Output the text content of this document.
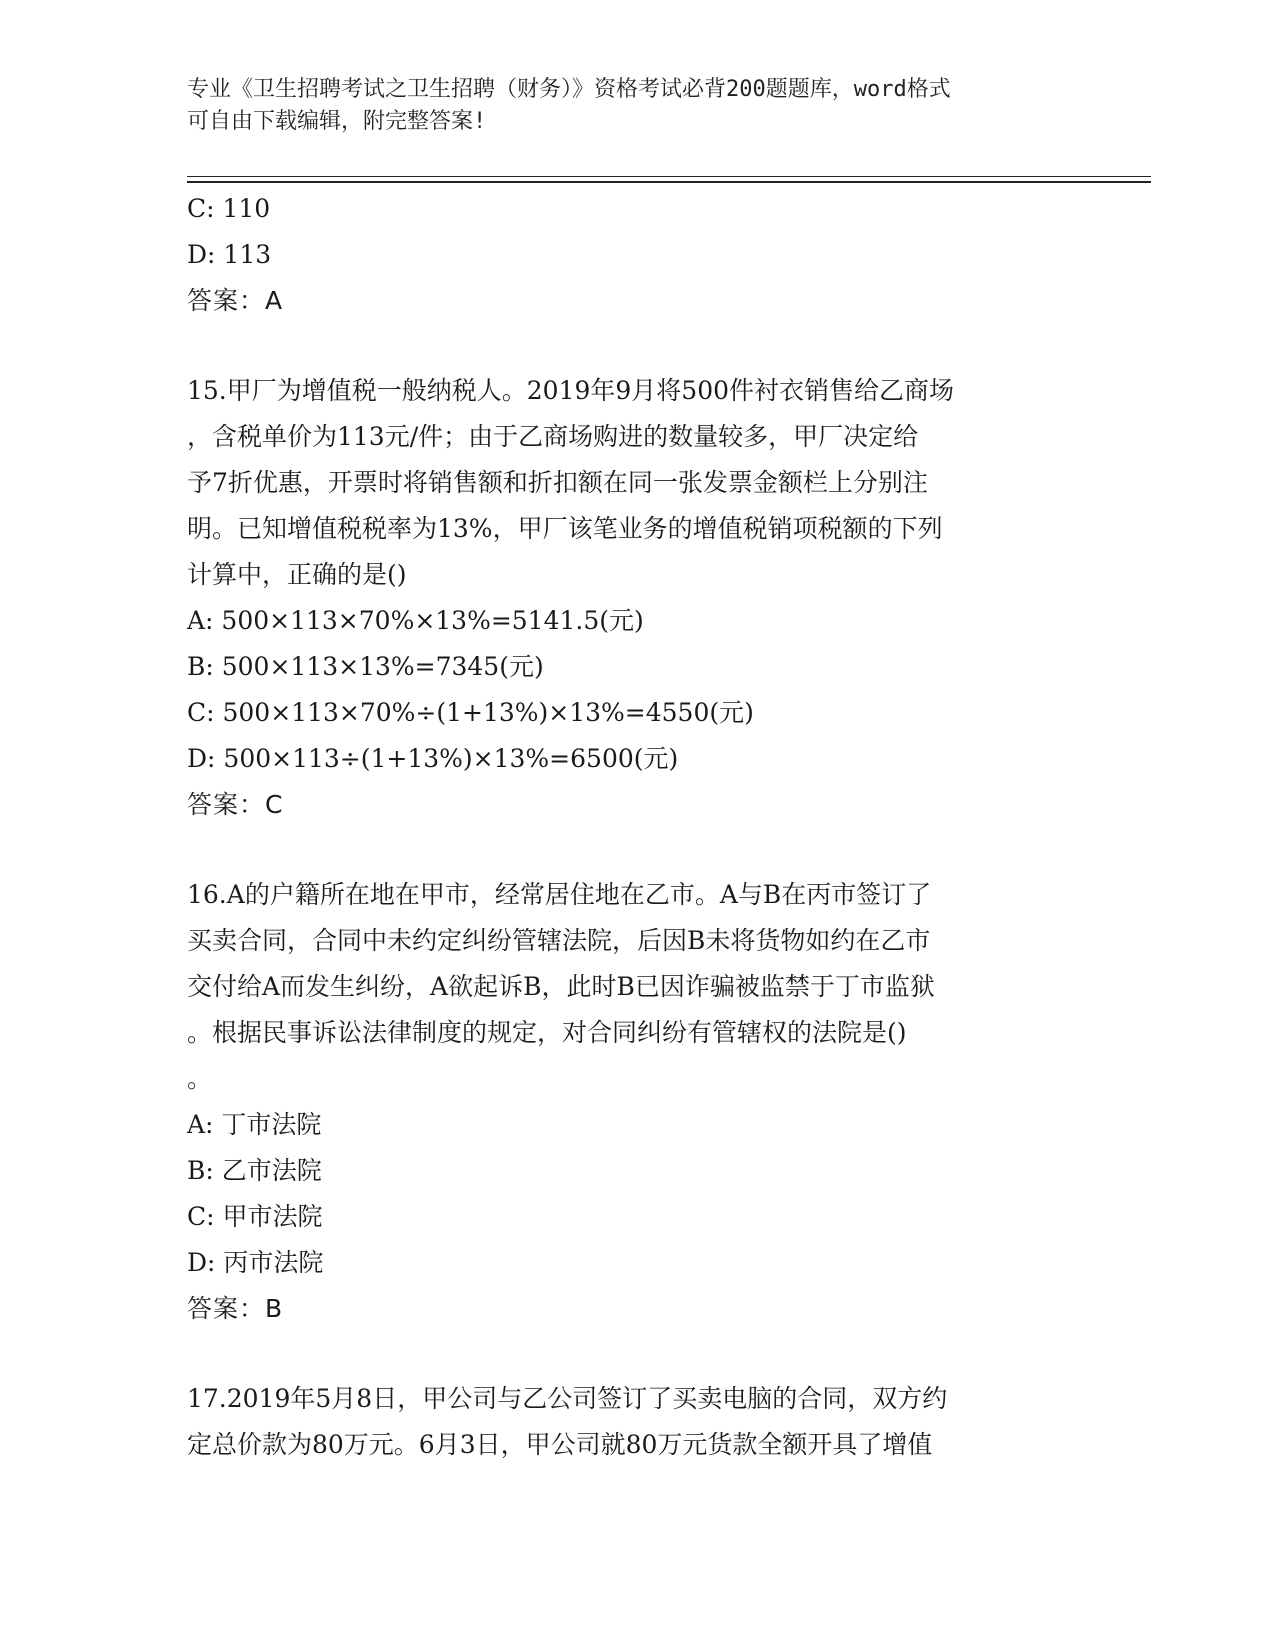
专业《卫生招聘考试之卫生招聘（财务）》资格考试必背200题题库，word格式
可自由下载编辑，附完整答案!
C: 110
D: 113
答案：A
15.甲厂为增值税一般纳税人。2019年9月将500件衬衣销售给乙商场
，含税单价为113元/件；由于乙商场购进的数量较多，甲厂决定给
予7折优惠，开票时将销售额和折扣额在同一张发票金额栏上分别注
明。已知增值税税率为13%，甲厂该笔业务的增值税销项税额的下列
计算中，正确的是()
A: 500×113×70%×13%=5141.5(元)
B: 500×113×13%=7345(元)
C: 500×113×70%÷(1+13%)×13%=4550(元)
D: 500×113÷(1+13%)×13%=6500(元)
答案：C
16.A的户籍所在地在甲市，经常居住地在乙市。A与B在丙市签订了
买卖合同，合同中未约定纠纷管辖法院，后因B未将货物如约在乙市
交付给A而发生纠纷，A欲起诉B，此时B已因诈骗被监禁于丁市监狱
。根据民事诉讼法律制度的规定，对合同纠纷有管辖权的法院是()
。
A: 丁市法院
B: 乙市法院
C: 甲市法院
D: 丙市法院
答案：B
17.2019年5月8日，甲公司与乙公司签订了买卖电脑的合同，双方约
定总价款为80万元。6月3日，甲公司就80万元货款全额开具了增值
